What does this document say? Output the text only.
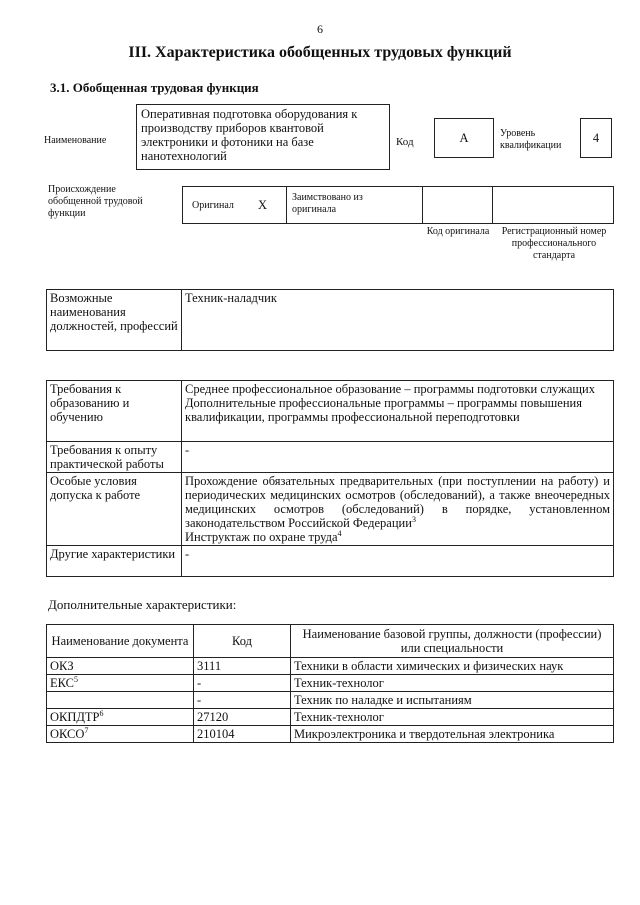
6
III. Характеристика обобщенных трудовых функций
3.1. Обобщенная трудовая функция
Наименование
Оперативная подготовка оборудования к производству приборов квантовой электроники и фотоники на базе нанотехнологий
Код	А	Уровень квалификации
4
Происхождение обобщенной трудовой функции
Оригинал Х
Заимствовано из оригинала
Код оригинала	Регистрационный номер профессионального стандарта
Возможные наименования должностей, профессий	Техник-наладчик
Требования к образованию и обучению	Среднее профессиональное образование – программы подготовки служащих
Дополнительные профессиональные программы – программы повышения квалификации, программы профессиональной переподготовки

Требования к опыту практической работы	-
Особые условия допуска к работе	Прохождение обязательных предварительных (при поступлении на работу) и периодических медицинских осмотров (обследований), а также внеочередных медицинских осмотров (обследований) в порядке, установленном законодательством Российской Федерации$^3$
Инструктаж по охране труда$^4$

Другие характеристики	-
Дополнительные характеристики:
Наименование документа	Код	Наименование базовой группы, должности (профессии) или специальности
ОКЗ	3111	Техники в области химических и физических наук
ЕКС$^5$	-	Техник-технолог
	-	Техник по наладке и испытаниям
ОКПДТР$^6$	27120	Техник-технолог
ОКСО$^7$	210104	Микроэлектроника и твердотельная электроника
